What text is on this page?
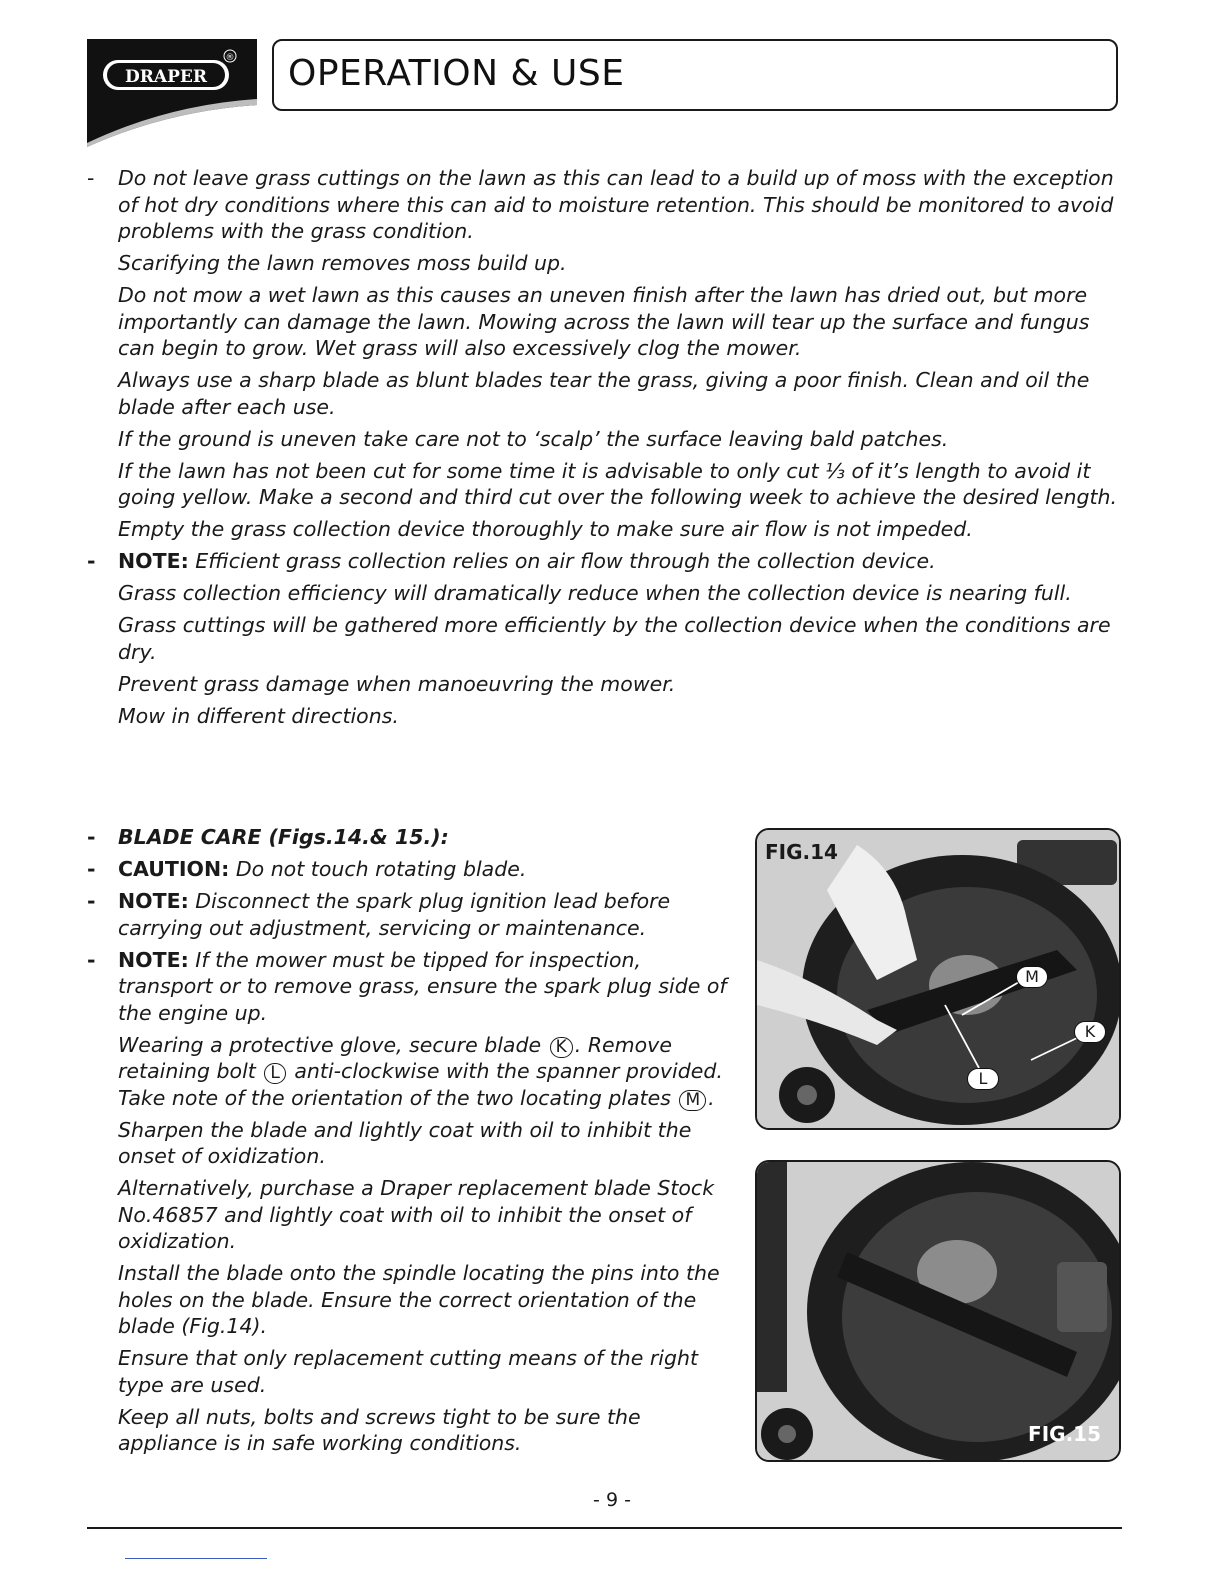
DRAPER
® OPERATION & USE
- Do not leave grass cuttings on the lawn as this can lead to a build up of moss with the exception of hot dry conditions where this can aid to moisture retention. This should be monitored to avoid problems with the grass condition.
Scarifying the lawn removes moss build up.
Do not mow a wet lawn as this causes an uneven finish after the lawn has dried out, but more importantly can damage the lawn. Mowing across the lawn will tear up the surface and fungus can begin to grow. Wet grass will also excessively clog the mower.
Always use a sharp blade as blunt blades tear the grass, giving a poor finish. Clean and oil the blade after each use.
If the ground is uneven take care not to ‘scalp’ the surface leaving bald patches.
If the lawn has not been cut for some time it is advisable to only cut ⅓ of it’s length to avoid it going yellow. Make a second and third cut over the following week to achieve the desired length.
Empty the grass collection device thoroughly to make sure air flow is not impeded.
- NOTE: Efficient grass collection relies on air flow through the collection device.
Grass collection efficiency will dramatically reduce when the collection device is nearing full.
Grass cuttings will be gathered more efficiently by the collection device when the conditions are dry.
Prevent grass damage when manoeuvring the mower.
Mow in different directions.
- BLADE CARE (Figs.14.& 15.):
- CAUTION: Do not touch rotating blade.
- NOTE: Disconnect the spark plug ignition lead before carrying out adjustment, servicing or maintenance.
- NOTE: If the mower must be tipped for inspection, transport or to remove grass, ensure the spark plug side of the engine up.
Wearing a protective glove, secure blade K . Remove retaining bolt L anti-clockwise with the spanner provided. Take note of the orientation of the two locating plates M .
Sharpen the blade and lightly coat with oil to inhibit the onset of oxidization.
Alternatively, purchase a Draper replacement blade Stock No.46857 and lightly coat with oil to inhibit the onset of oxidization.
Install the blade onto the spindle locating the pins into the holes on the blade. Ensure the correct orientation of the blade (Fig.14).
Ensure that only replacement cutting means of the right type are used.
Keep all nuts, bolts and screws tight to be sure the appliance is in safe working conditions.
FIG.14
M
K
L
FIG.15
- 9 -
